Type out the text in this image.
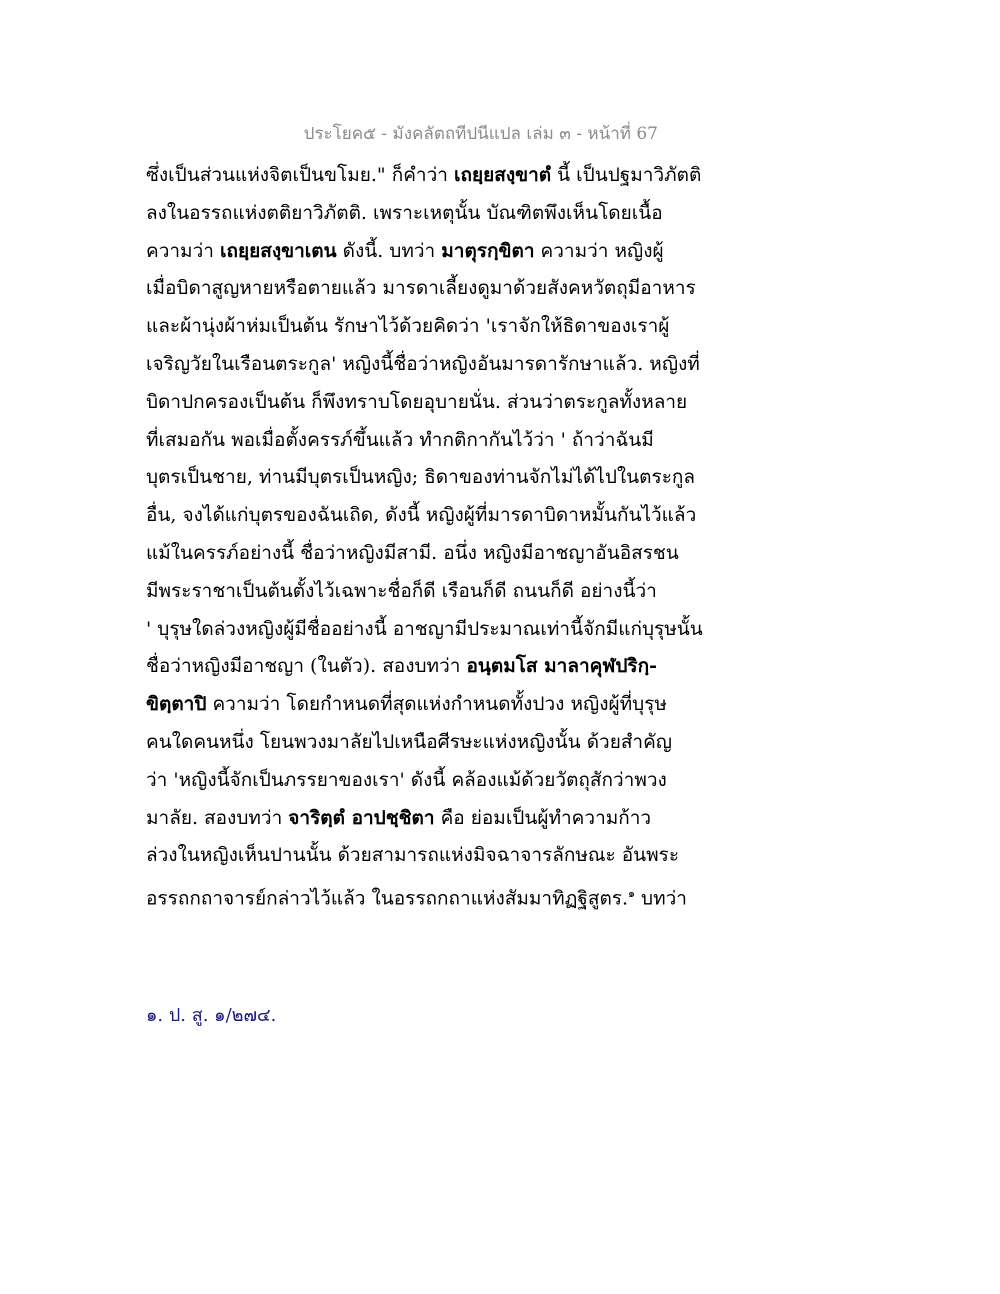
ประโยค๕ - มังคลัตถทีปนีแปล เล่ม ๓ - หน้าที่ 67
ซึ่งเป็นส่วนแห่งจิตเป็นขโมย." ก็คำว่า เถยฺยสงฺขาตํ นี้ เป็นปฐมาวิภัตติ
ลงในอรรถแห่งตติยาวิภัตติ. เพราะเหตุนั้น บัณฑิตพึงเห็นโดยเนื้อ
ความว่า เถยฺยสงฺขาเตน ดังนี้. บทว่า มาตุรกฺขิตา ความว่า หญิงผู้
เมื่อบิดาสูญหายหรือตายแล้ว มารดาเลี้ยงดูมาด้วยสังคหวัตถุมีอาหาร
และผ้านุ่งผ้าห่มเป็นต้น รักษาไว้ด้วยคิดว่า 'เราจักให้ธิดาของเราผู้
เจริญวัยในเรือนตระกูล' หญิงนี้ชื่อว่าหญิงอันมารดารักษาแล้ว. หญิงที่
บิดาปกครองเป็นต้น ก็พึงทราบโดยอุบายนั่น. ส่วนว่าตระกูลทั้งหลาย
ที่เสมอกัน พอเมื่อตั้งครรภ์ขึ้นแล้ว ทำกติกากันไว้ว่า ' ถ้าว่าฉันมี
บุตรเป็นชาย, ท่านมีบุตรเป็นหญิง; ธิดาของท่านจักไม่ได้ไปในตระกูล
อื่น, จงได้แก่บุตรของฉันเถิด, ดังนี้ หญิงผู้ที่มารดาบิดาหมั้นกันไว้แล้ว
แม้ในครรภ์อย่างนี้ ชื่อว่าหญิงมีสามี. อนึ่ง หญิงมีอาชญาอันอิสรชน
มีพระราชาเป็นต้นตั้งไว้เฉพาะชื่อก็ดี เรือนก็ดี ถนนก็ดี อย่างนี้ว่า
' บุรุษใดล่วงหญิงผู้มีชื่ออย่างนี้ อาชญามีประมาณเท่านี้จักมีแก่บุรุษนั้น
ชื่อว่าหญิงมีอาชญา (ในตัว). สองบทว่า อนฺตมโส มาลาคุฬปริกฺ-
ขิตฺตาปิ ความว่า โดยกำหนดที่สุดแห่งกำหนดทั้งปวง หญิงผู้ที่บุรุษ
คนใดคนหนึ่ง โยนพวงมาลัยไปเหนือศีรษะแห่งหญิงนั้น ด้วยสำคัญ
ว่า 'หญิงนี้จักเป็นภรรยาของเรา' ดังนี้ คล้องแม้ด้วยวัตถุสักว่าพวง
มาลัย. สองบทว่า จาริตฺตํ อาปชฺชิตา คือ ย่อมเป็นผู้ทำความก้าว
ล่วงในหญิงเห็นปานนั้น ด้วยสามารถแห่งมิจฉาจารลักษณะ อันพระ
อรรถกถาจารย์กล่าวไว้แล้ว ในอรรถกถาแห่งสัมมาทิฏฐิสูตร.$^๑$ บทว่า
๑. ป. สู. ๑/๒๗๔.
